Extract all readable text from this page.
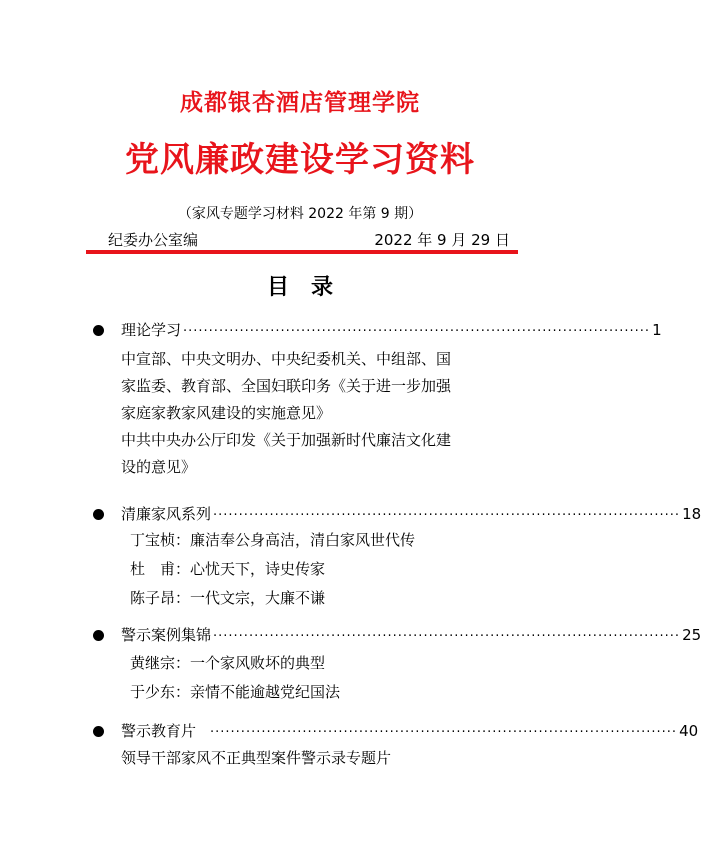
成都银杏酒店管理学院
党风廉政建设学习资料
（家风专题学习材料 2022 年第 9 期）
纪委办公室编	2022 年 9 月 29 日
目录
理论学习 ··························································································· 1
中宣部、中央文明办、中央纪委机关、中组部、国
家监委、教育部、全国妇联印务《关于进一步加强
家庭家教家风建设的实施意见》
中共中央办公厅印发《关于加强新时代廉洁文化建
设的意见》
清廉家风系列 ··························································································· 18
丁宝桢：廉洁奉公身高洁，清白家风世代传
杜　甫：心忧天下，诗史传家
陈子昂：一代文宗，大廉不谦
警示案例集锦 ··························································································· 25
黄继宗：一个家风败坏的典型
于少东：亲情不能逾越党纪国法
警示教育片 ··························································································· 40
领导干部家风不正典型案件警示录专题片
